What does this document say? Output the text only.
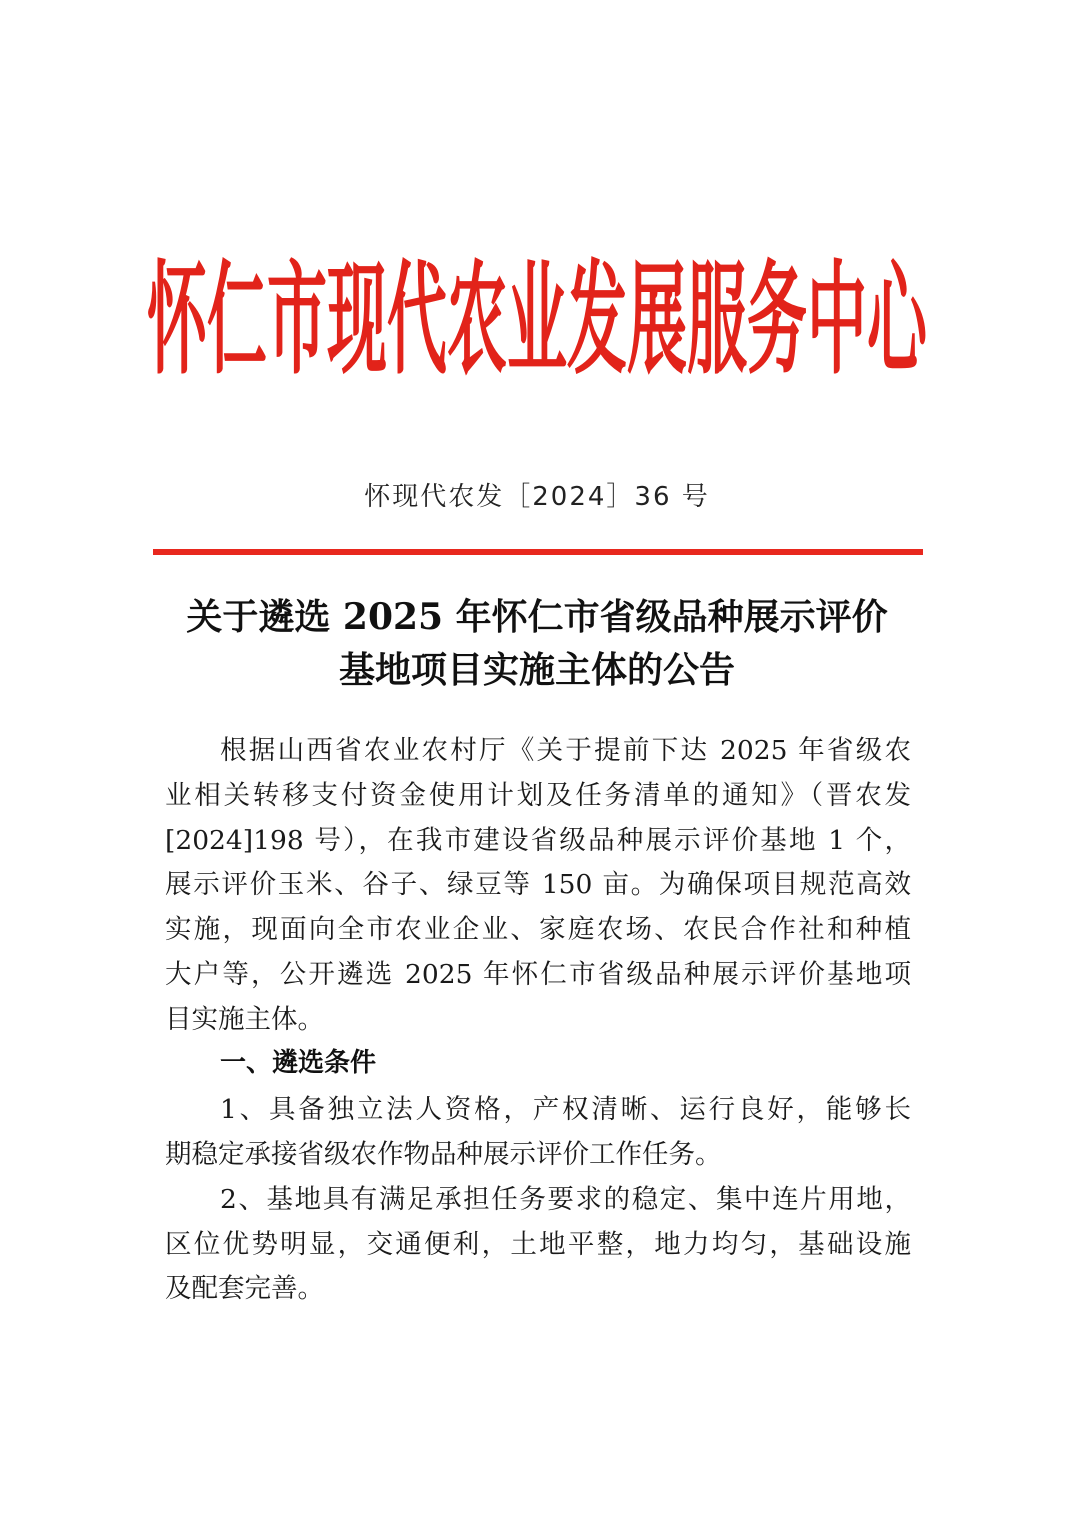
怀仁市现代农业发展服务中心
怀现代农发［2024］36 号
关于遴选 2025 年怀仁市省级品种展示评价
基地项目实施主体的公告
根据山西省农业农村厅《关于提前下达 2025 年省级农
业相关转移支付资金使用计划及任务清单的通知》（晋农发
[2024]198 号），在我市建设省级品种展示评价基地 1 个，
展示评价玉米、谷子、绿豆等 150 亩。为确保项目规范高效
实施，现面向全市农业企业、家庭农场、农民合作社和种植
大户等，公开遴选 2025 年怀仁市省级品种展示评价基地项
目实施主体。
一、遴选条件
1、具备独立法人资格，产权清晰、运行良好，能够长
期稳定承接省级农作物品种展示评价工作任务。
2、基地具有满足承担任务要求的稳定、集中连片用地，
区位优势明显，交通便利，土地平整，地力均匀，基础设施
及配套完善。
